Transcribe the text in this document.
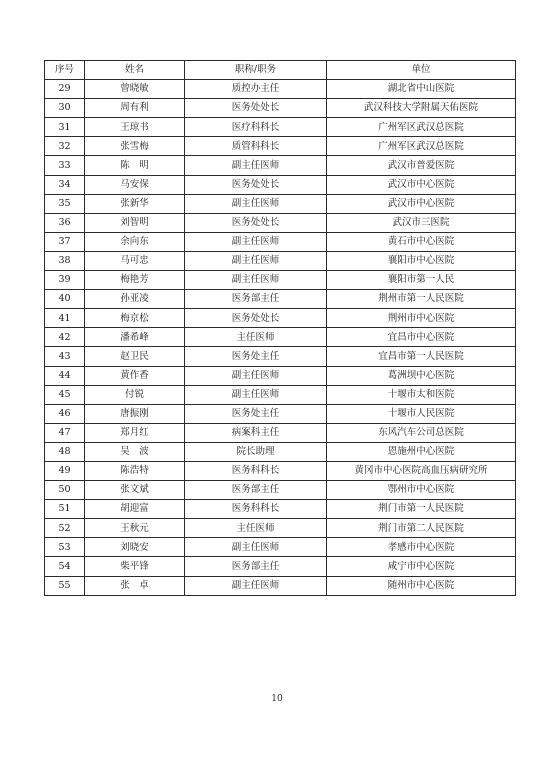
序号	姓名	职称/职务	单位
29	曾晓敏	质控办主任	湖北省中山医院
30	周有利	医务处处长	武汉科技大学附属天佑医院
31	王琼书	医疗科科长	广州军区武汉总医院
32	张雪梅	质管科科长	广州军区武汉总医院
33	陈　明	副主任医师	武汉市普爱医院
34	马安保	医务处处长	武汉市中心医院
35	张新华	副主任医师	武汉市中心医院
36	刘智明	医务处处长	武汉市三医院
37	余向东	副主任医师	黄石市中心医院
38	马可忠	副主任医师	襄阳市中心医院
39	梅艳芳	副主任医师	襄阳市第一人民
40	孙亚凌	医务部主任	荆州市第一人民医院
41	梅京松	医务处处长	荆州市中心医院
42	潘希峰	主任医师	宜昌市中心医院
43	赵卫民	医务处主任	宜昌市第一人民医院
44	黄作香	副主任医师	葛洲坝中心医院
45	付锐	副主任医师	十堰市太和医院
46	唐振刚	医务处主任	十堰市人民医院
47	郑月红	病案科主任	东风汽车公司总医院
48	吴　波	院长助理	恩施州中心医院
49	陈浩特	医务科科长	黄冈市中心医院高血压病研究所
50	张文斌	医务部主任	鄂州市中心医院
51	胡迎富	医务科科长	荆门市第一人民医院
52	王秋元	主任医师	荆门市第二人民医院
53	刘晓安	副主任医师	孝感市中心医院
54	柴平锋	医务部主任	咸宁市中心医院
55	张　卓	副主任医师	随州市中心医院
10
